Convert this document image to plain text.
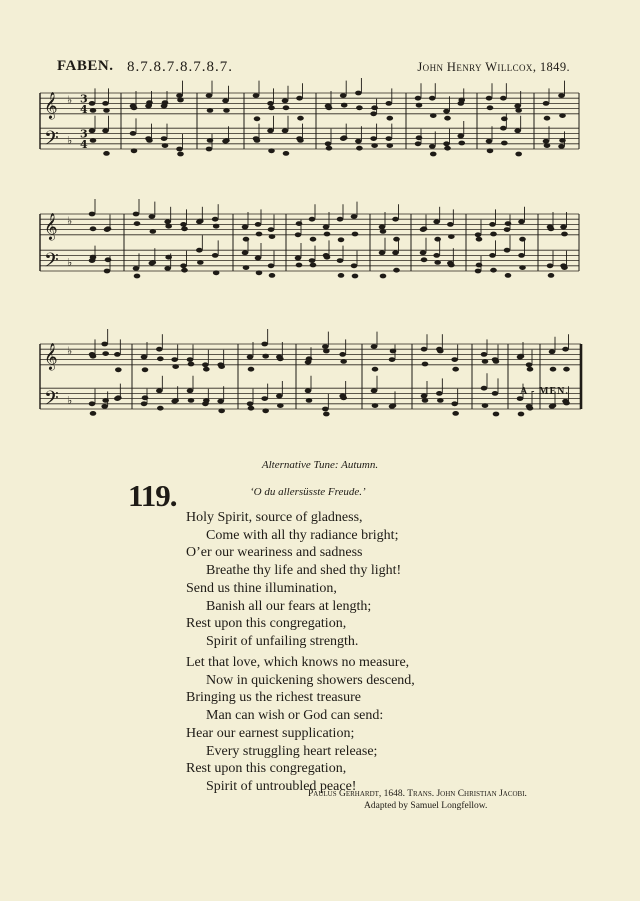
FABEN. 8.7.8.7.8.7.8.7.	John Henry Willcox, 1849.
𝄞 ♭
𝄢 ♭
𝄞 ♭
𝄢 ♭
𝄞 ♭
𝄢 ♭
3
4
3
4
A - MEN.
Alternative Tune: Autumn.
119.	‘O du allersüsste Freude.’
Holy Spirit, source of gladness,
Come with all thy radiance bright;
O’er our weariness and sadness
Breathe thy life and shed thy light!
Send us thine illumination,
Banish all our fears at length;
Rest upon this congregation,
Spirit of unfailing strength.
Let that love, which knows no measure,
Now in quickening showers descend,
Bringing us the richest treasure
Man can wish or God can send:
Hear our earnest supplication;
Every struggling heart release;
Rest upon this congregation,
Spirit of untroubled peace!
Paulus Gerhardt, 1648. Trans. John Christian Jacobi.
Adapted by Samuel Longfellow.
